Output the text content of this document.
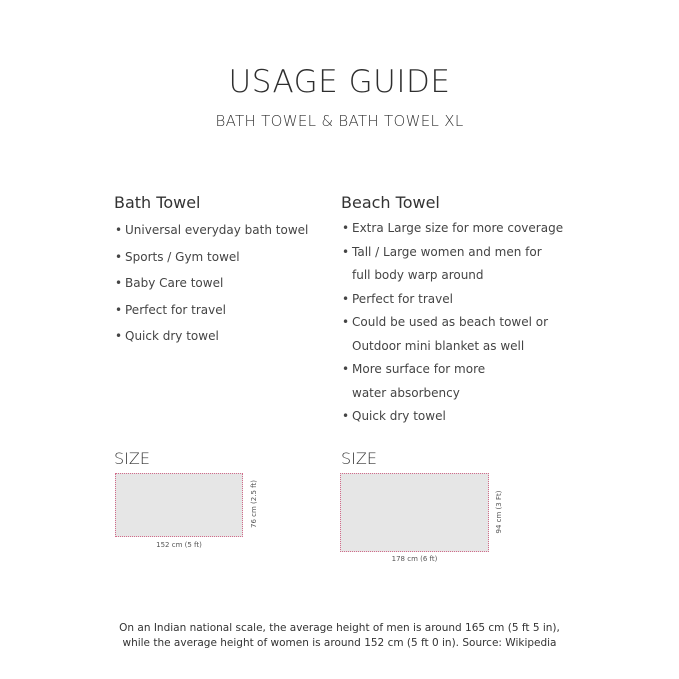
USAGE GUIDE
BATH TOWEL & BATH TOWEL XL
Bath Towel
• Universal everyday bath towel
• Sports / Gym towel
• Baby Care towel
• Perfect for travel
• Quick dry towel
Beach Towel
• Extra Large size for more coverage
• Tall / Large women and men for
full body warp around
• Perfect for travel
• Could be used as beach towel or
Outdoor mini blanket as well
• More surface for more
water absorbency
• Quick dry towel
SIZE
152 cm (5 ft)
76 cm (2.5 ft)
SIZE
178 cm (6 ft)
94 cm (3 Ft)
On an Indian national scale, the average height of men is around 165 cm (5 ft 5 in),
while the average height of women is around 152 cm (5 ft 0 in). Source: Wikipedia
